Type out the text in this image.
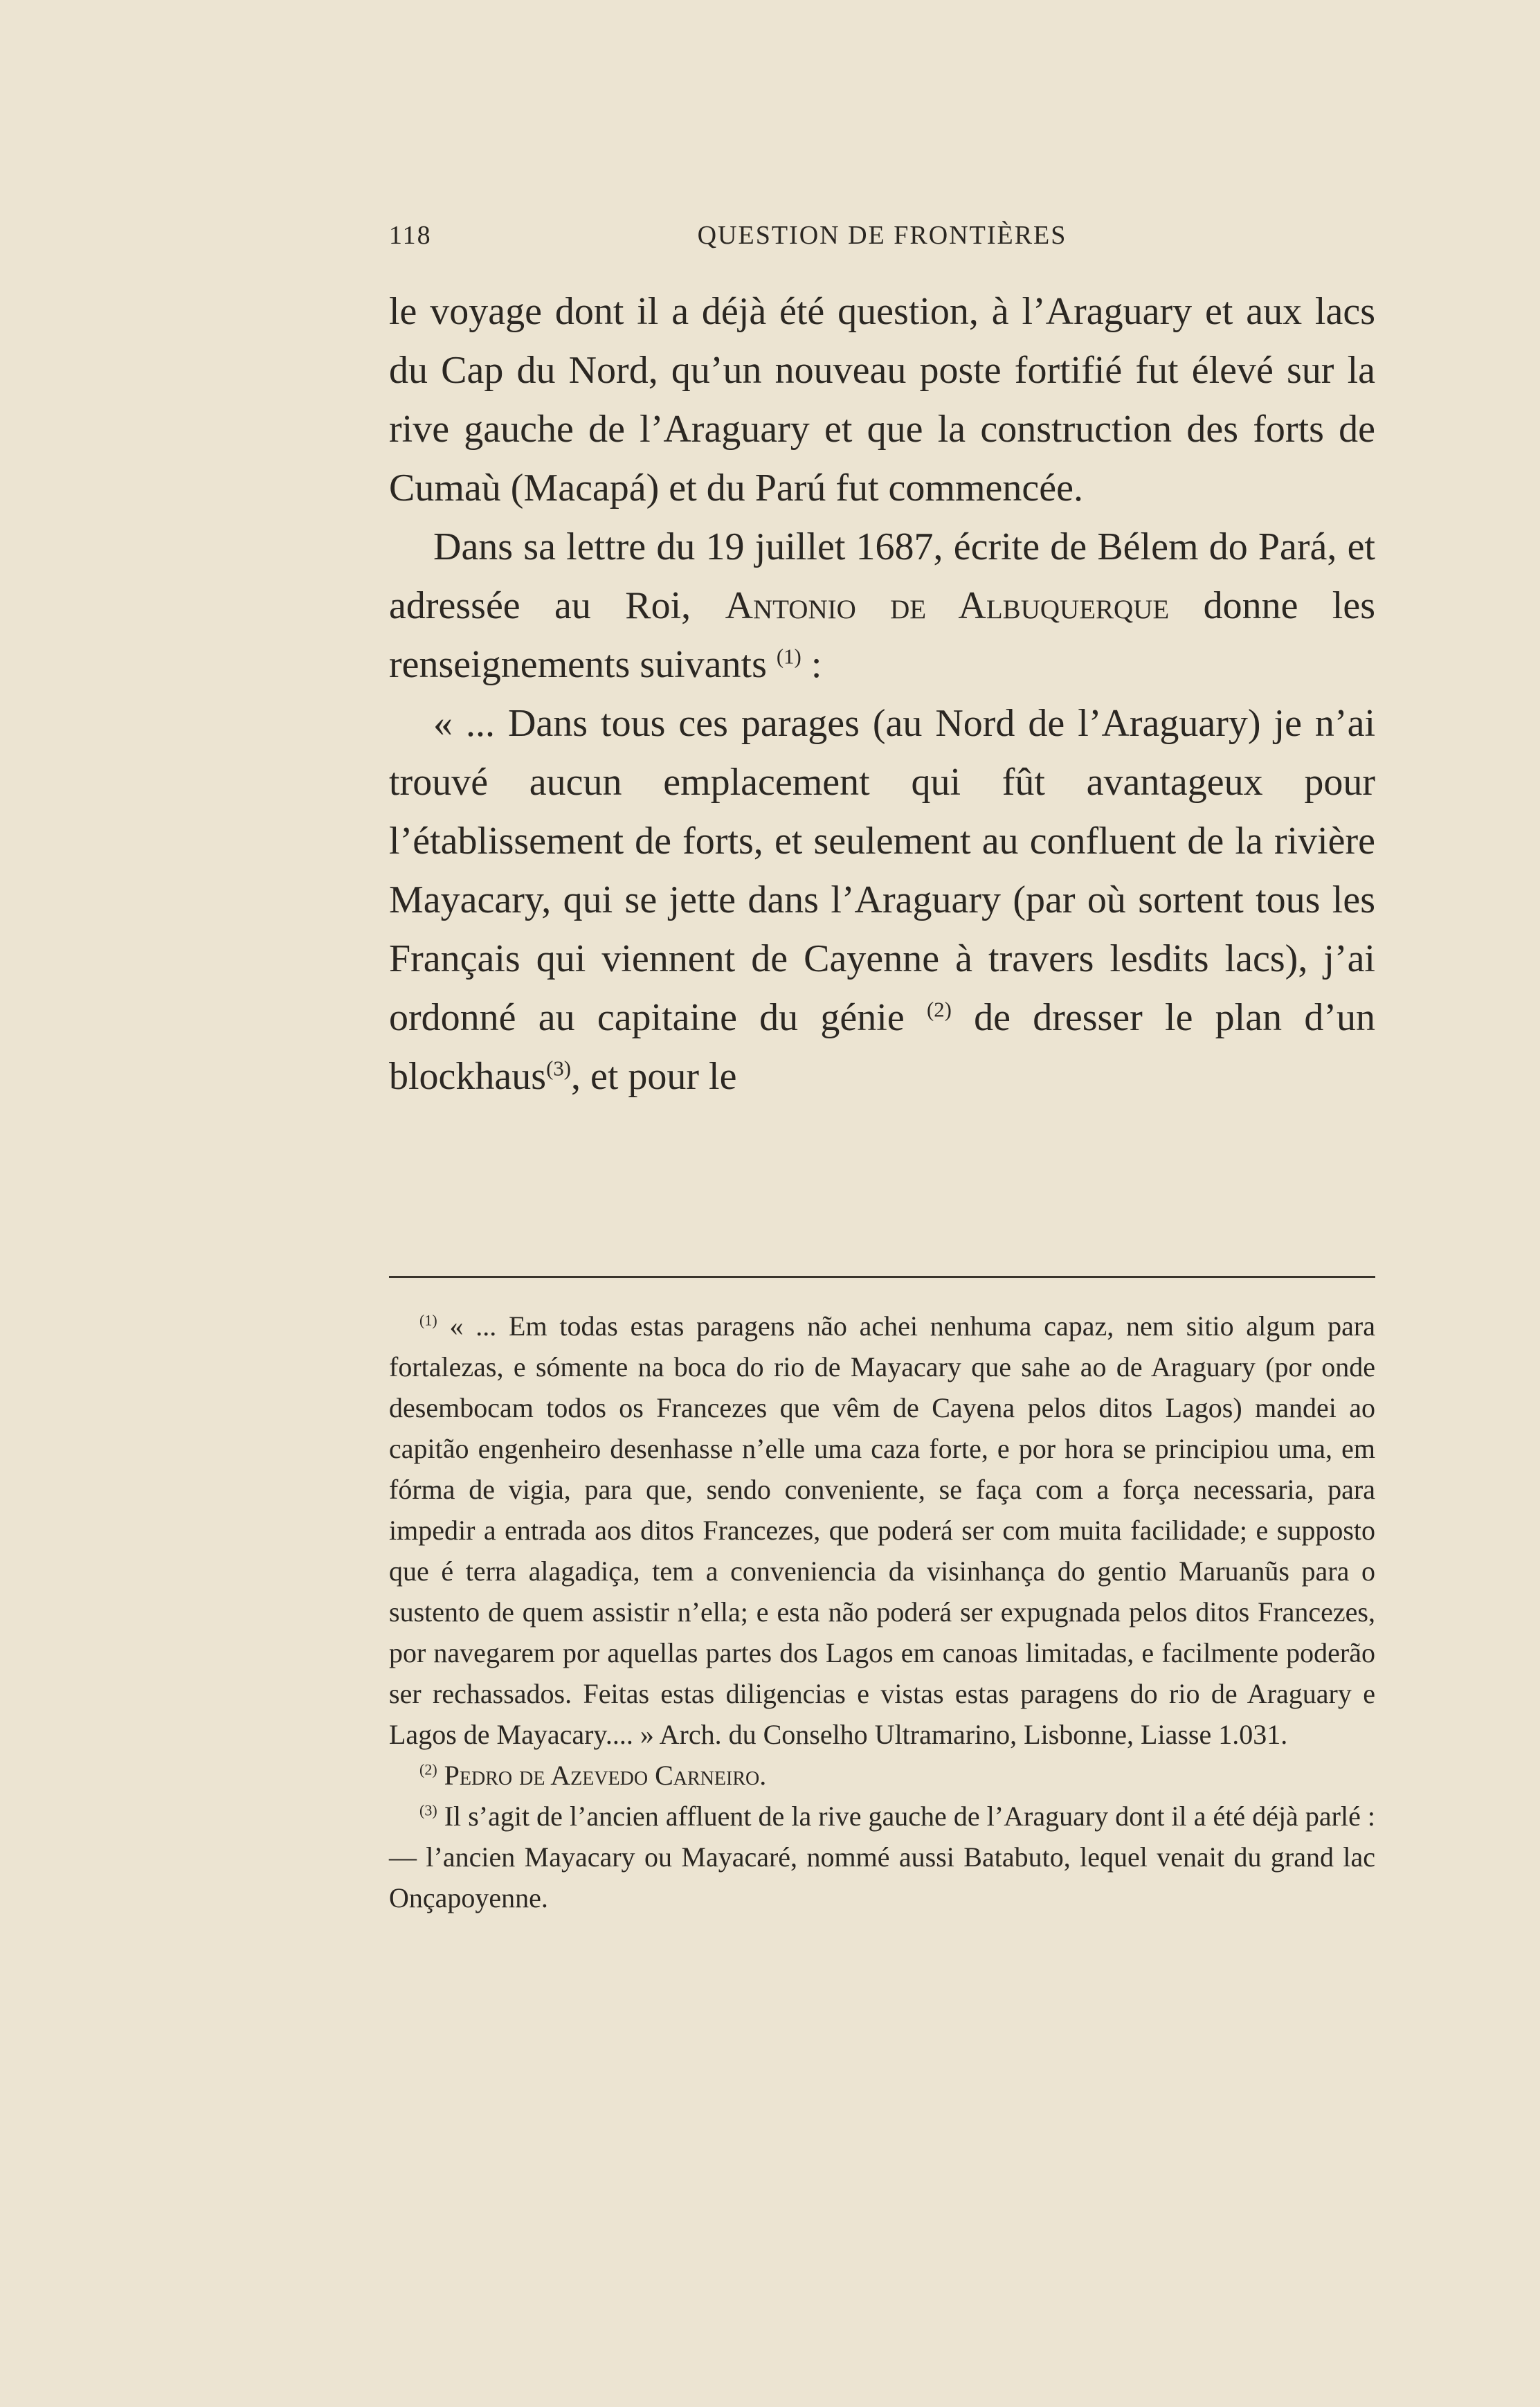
118	QUESTION DE FRONTIÈRES

le voyage dont il a déjà été question, à l’Araguary et aux lacs du Cap du Nord, qu’un nouveau poste fortifié fut élevé sur la rive gauche de l’Araguary et que la construction des forts de Cumaù (Macapá) et du Parú fut commencée.

Dans sa lettre du 19 juillet 1687, écrite de Bélem do Pará, et adressée au Roi, Antonio de Albuquerque donne les renseignements suivants $^{(1)}$ :

« ... Dans tous ces parages (au Nord de l’Araguary) je n’ai trouvé aucun emplacement qui fût avantageux pour l’établissement de forts, et seulement au confluent de la rivière Mayacary, qui se jette dans l’Araguary (par où sortent tous les Français qui viennent de Cayenne à travers lesdits lacs), j’ai ordonné au capitaine du génie $^{(2)}$ de dresser le plan d’un blockhaus$^{(3)}$, et pour le

$^{(1)}$ « ... Em todas estas paragens não achei nenhuma capaz, nem sitio algum para fortalezas, e sómente na boca do rio de Mayacary que sahe ao de Araguary (por onde desembocam todos os Francezes que vêm de Cayena pelos ditos Lagos) mandei ao capitão engenheiro desenhasse n’elle uma caza forte, e por hora se principiou uma, em fórma de vigia, para que, sendo conveniente, se faça com a força necessaria, para impedir a entrada aos ditos Francezes, que poderá ser com muita facilidade; e supposto que é terra alagadiça, tem a conveniencia da visinhança do gentio Maruanũs para o sustento de quem assistir n’ella; e esta não poderá ser expugnada pelos ditos Francezes, por navegarem por aquellas partes dos Lagos em canoas limitadas, e facilmente poderão ser rechassados. Feitas estas diligencias e vistas estas paragens do rio de Araguary e Lagos de Mayacary.... » Arch. du Conselho Ultramarino, Lisbonne, Liasse 1.031.

$^{(2)}$ Pedro de Azevedo Carneiro.

$^{(3)}$ Il s’agit de l’ancien affluent de la rive gauche de l’Araguary dont il a été déjà parlé : — l’ancien Mayacary ou Mayacaré, nommé aussi Batabuto, lequel venait du grand lac Onçapoyenne.
